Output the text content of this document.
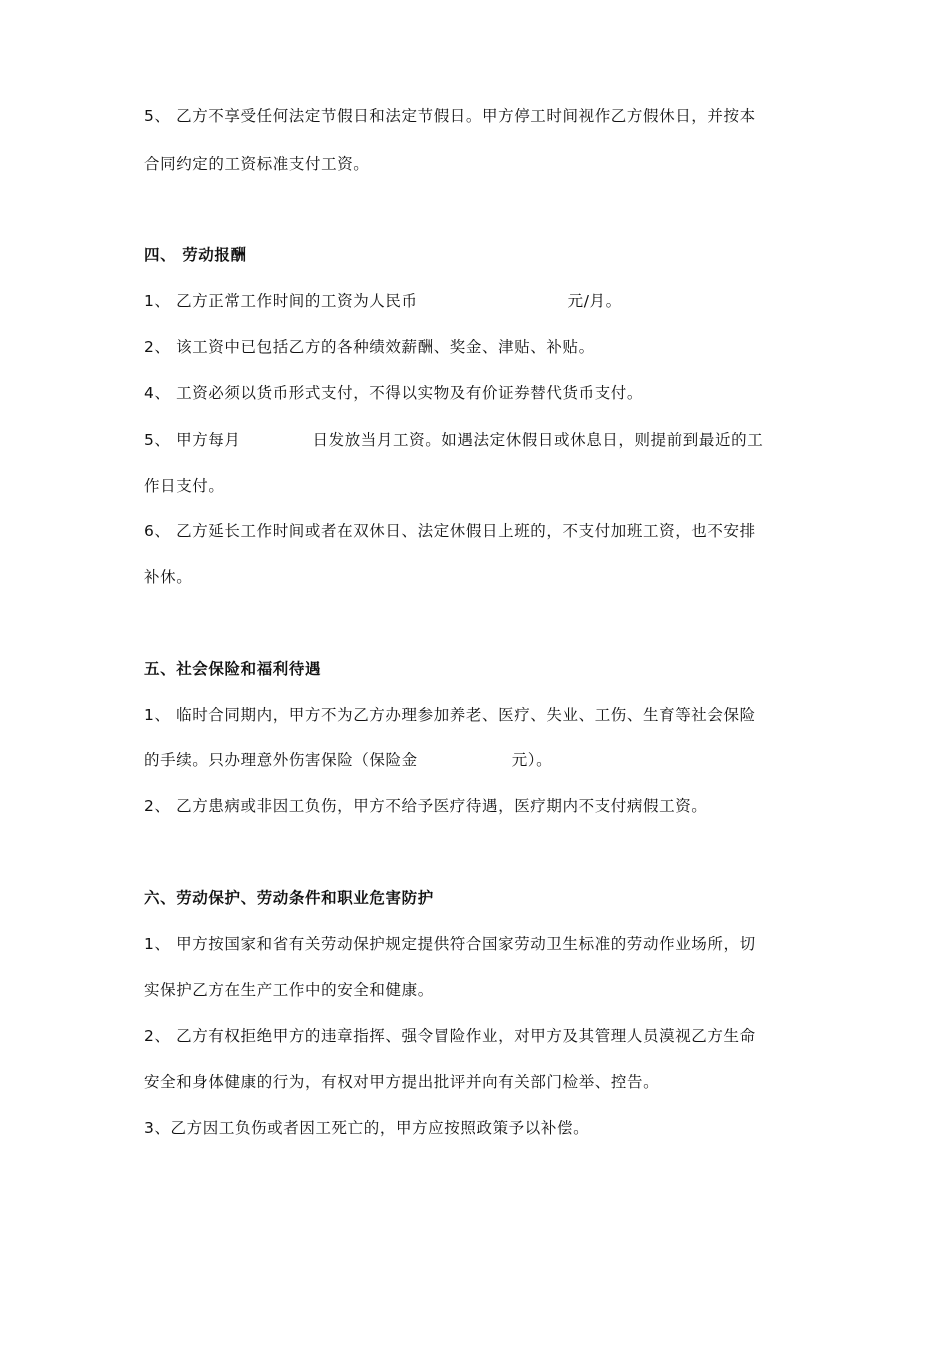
5、 乙方不享受任何法定节假日和法定节假日。甲方停工时间视作乙方假休日，并按本
合同约定的工资标准支付工资。
四、 劳动报酬
1、 乙方正常工作时间的工资为人民币	元/月。
2、 该工资中已包括乙方的各种绩效薪酬、奖金、津贴、补贴。
4、 工资必须以货币形式支付，不得以实物及有价证券替代货币支付。
5、 甲方每月	日发放当月工资。如遇法定休假日或休息日，则提前到最近的工
作日支付。
6、 乙方延长工作时间或者在双休日、法定休假日上班的，不支付加班工资，也不安排
补休。
五、社会保险和福利待遇
1、 临时合同期内，甲方不为乙方办理参加养老、医疗、失业、工伤、生育等社会保险
的手续。只办理意外伤害保险（保险金	元）。
2、 乙方患病或非因工负伤，甲方不给予医疗待遇，医疗期内不支付病假工资。
六、劳动保护、劳动条件和职业危害防护
1、 甲方按国家和省有关劳动保护规定提供符合国家劳动卫生标准的劳动作业场所，切
实保护乙方在生产工作中的安全和健康。
2、 乙方有权拒绝甲方的违章指挥、强令冒险作业，对甲方及其管理人员漠视乙方生命
安全和身体健康的行为，有权对甲方提出批评并向有关部门检举、控告。
3、乙方因工负伤或者因工死亡的，甲方应按照政策予以补偿。
